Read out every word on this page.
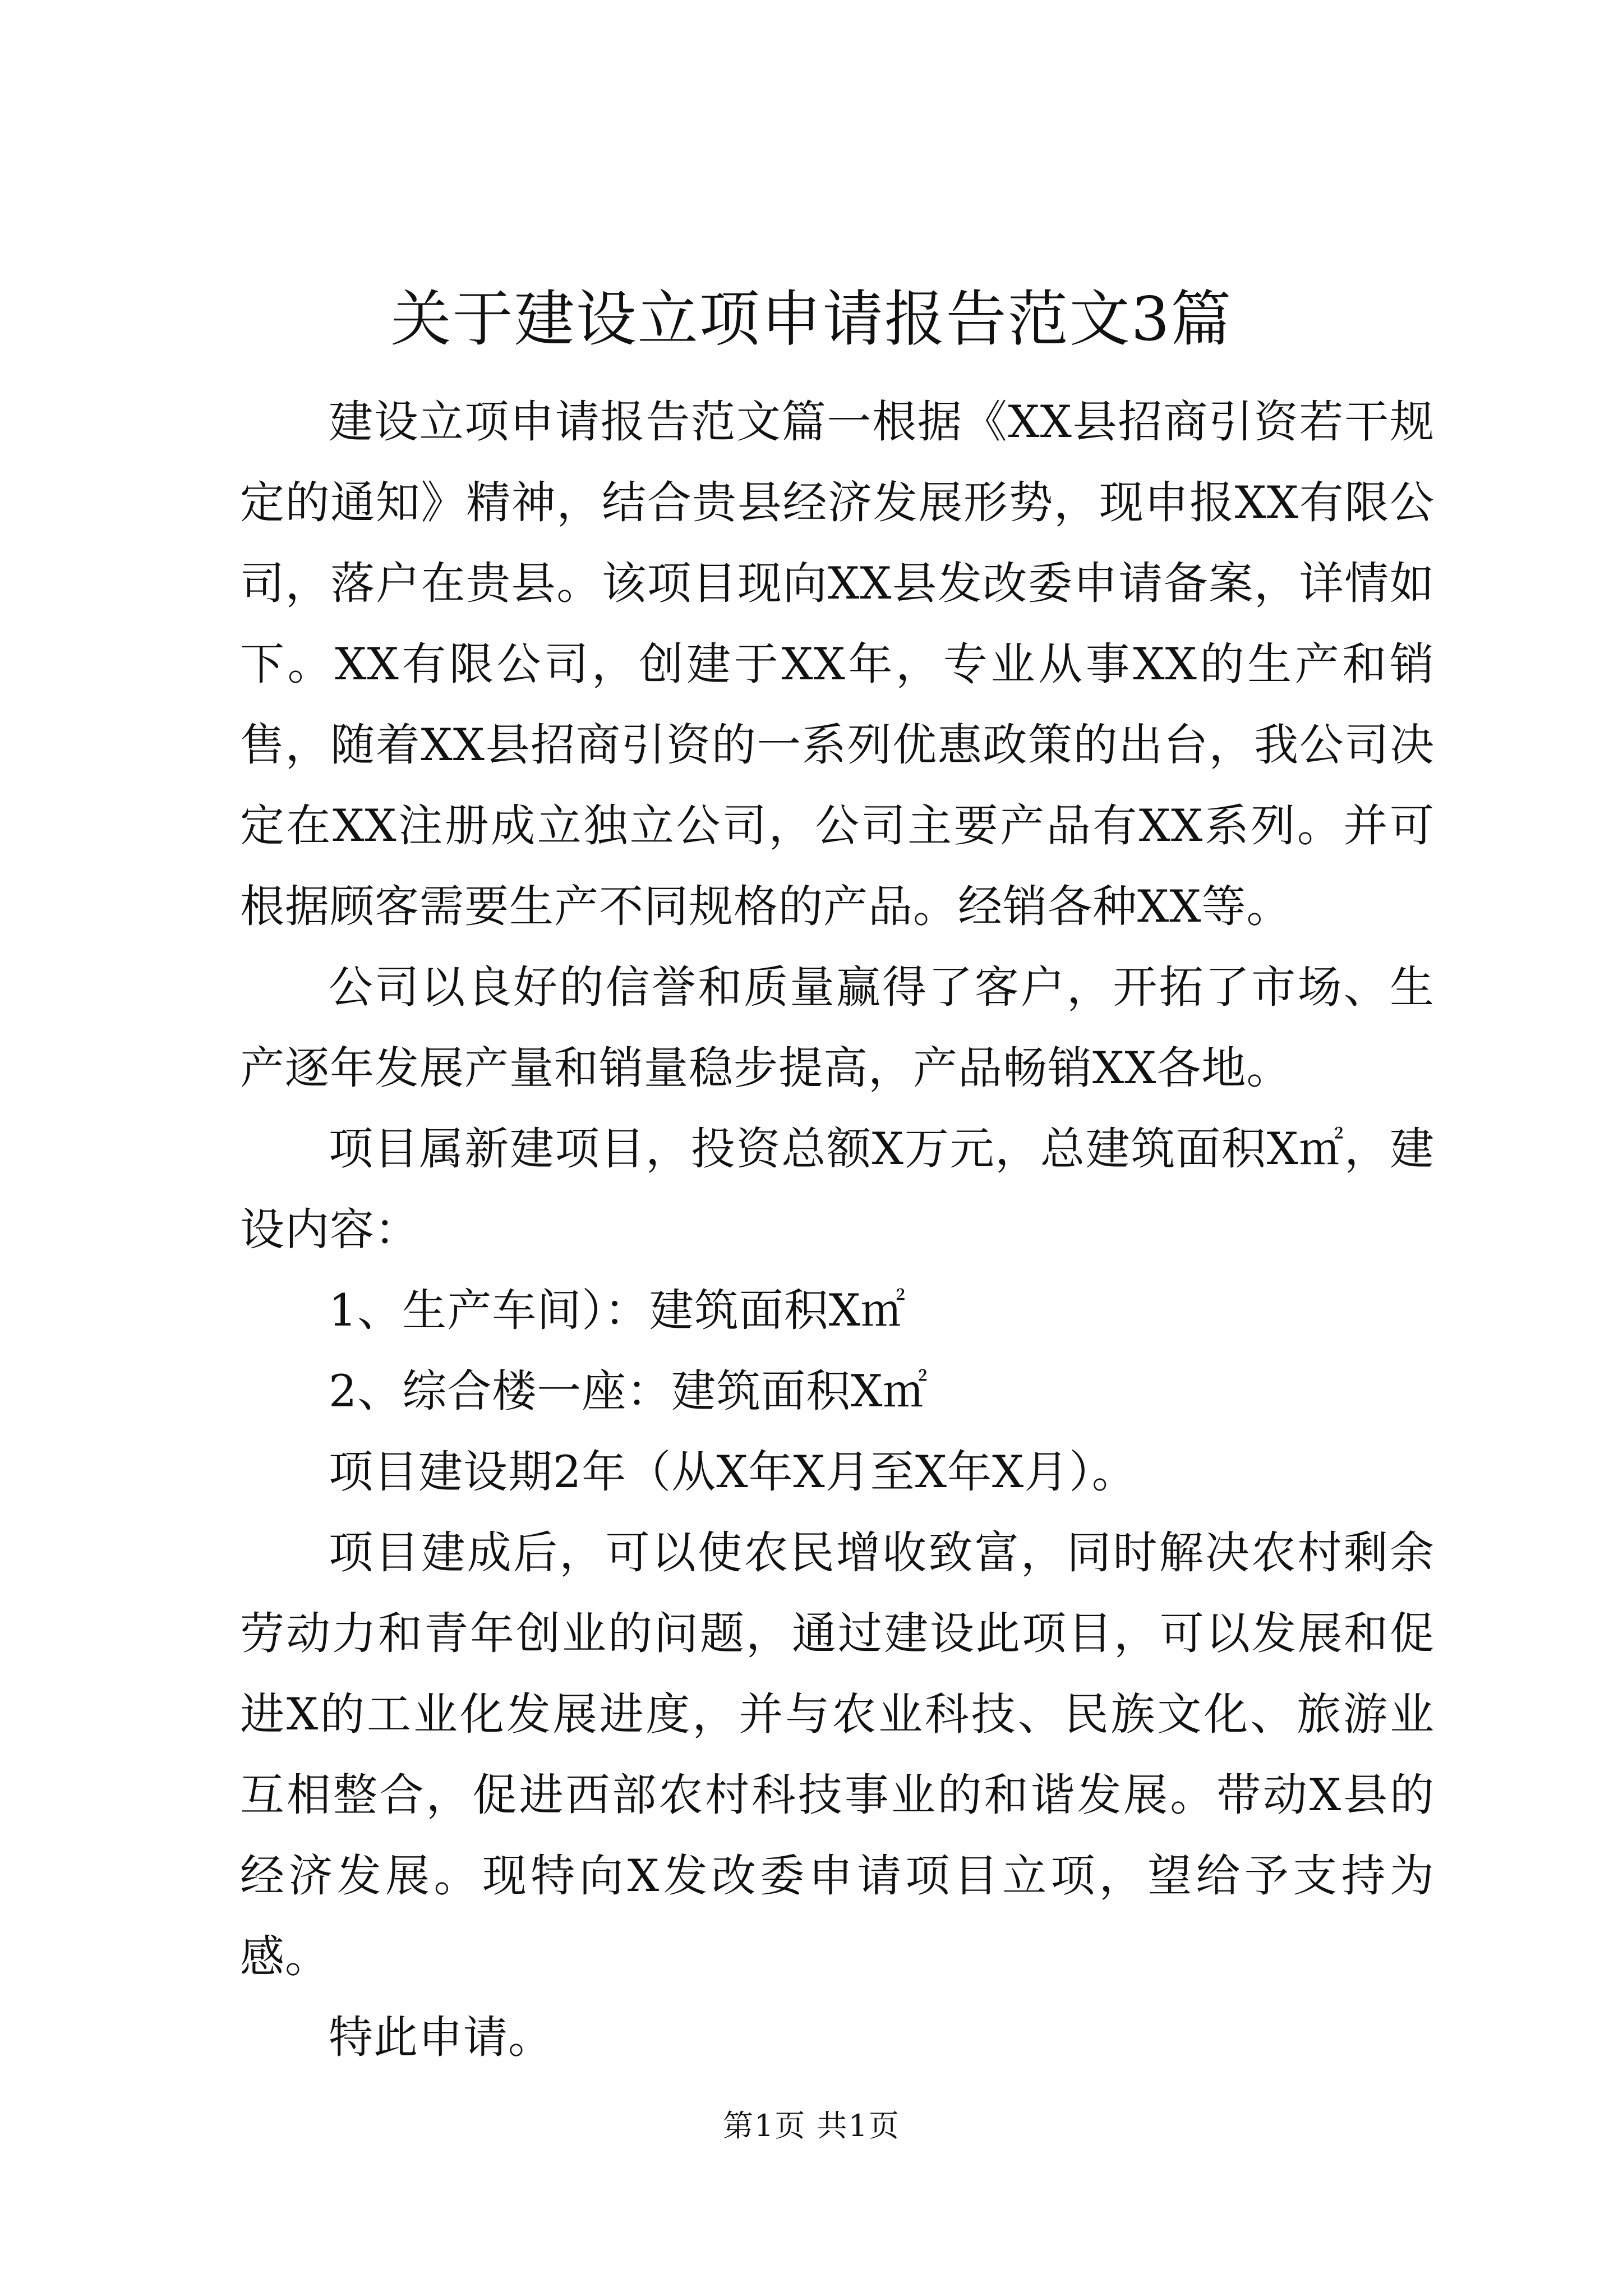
关于建设立项申请报告范文3篇

建设立项申请报告范文篇一根据《XX县招商引资若干规定的通知》精神，结合贵县经济发展形势，现申报XX有限公司，落户在贵县。该项目现向XX县发改委申请备案，详情如下。XX有限公司，创建于XX年，专业从事XX的生产和销售，随着XX县招商引资的一系列优惠政策的出台，我公司决定在XX注册成立独立公司，公司主要产品有XX系列。并可根据顾客需要生产不同规格的产品。经销各种XX等。

公司以良好的信誉和质量赢得了客户，开拓了市场、生产逐年发展产量和销量稳步提高，产品畅销XX各地。

项目属新建项目，投资总额X万元，总建筑面积X㎡，建设内容：

1、生产车间）：建筑面积X㎡

2、综合楼一座：建筑面积X㎡

项目建设期2年（从X年X月至X年X月）。

项目建成后，可以使农民增收致富，同时解决农村剩余劳动力和青年创业的问题，通过建设此项目，可以发展和促进X的工业化发展进度，并与农业科技、民族文化、旅游业互相整合，促进西部农村科技事业的和谐发展。带动X县的经济发展。现特向X发改委申请项目立项，望给予支持为感。

特此申请。

第1页 共1页
